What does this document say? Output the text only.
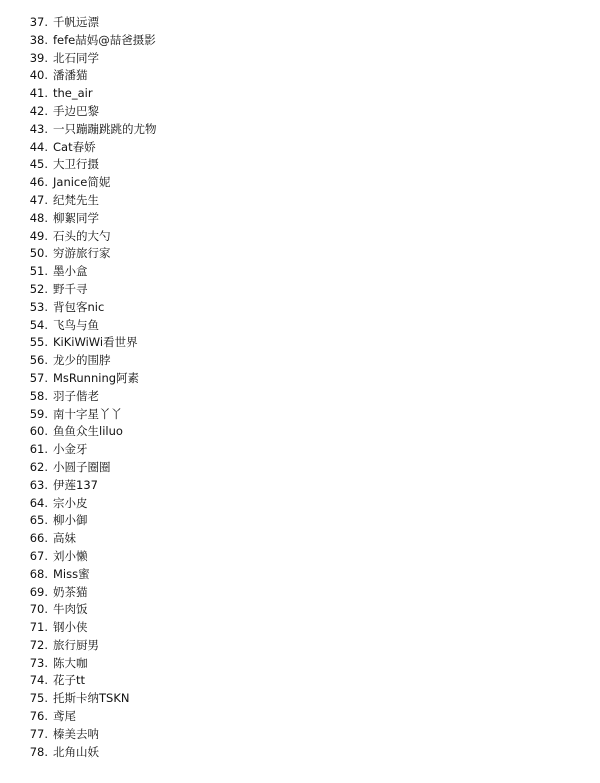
37. 千帆远漂
38. fefe喆妈@喆爸摄影
39. 北石同学
40. 潘潘猫
41. the_air
42. 手边巴黎
43. 一只蹦蹦跳跳的尤物
44. Cat春娇
45. 大卫行摄
46. Janice简妮
47. 纪梵先生
48. 柳絮同学
49. 石头的大勺
50. 穷游旅行家
51. 墨小盒
52. 野千寻
53. 背包客nic
54. 飞鸟与鱼
55. KiKiWiWi看世界
56. 龙少的围脖
57. MsRunning阿素
58. 羽子偕老
59. 南十字星丫丫
60. 鱼鱼众生liluo
61. 小金牙
62. 小圆子圈圈
63. 伊莲137
64. 宗小皮
65. 柳小御
66. 高妹
67. 刘小懒
68. Miss蜜
69. 奶茶猫
70. 牛肉饭
71. 钢小侠
72. 旅行厨男
73. 陈大咖
74. 花子tt
75. 托斯卡纳TSKN
76. 鸢尾
77. 榛美去呐
78. 北角山妖
